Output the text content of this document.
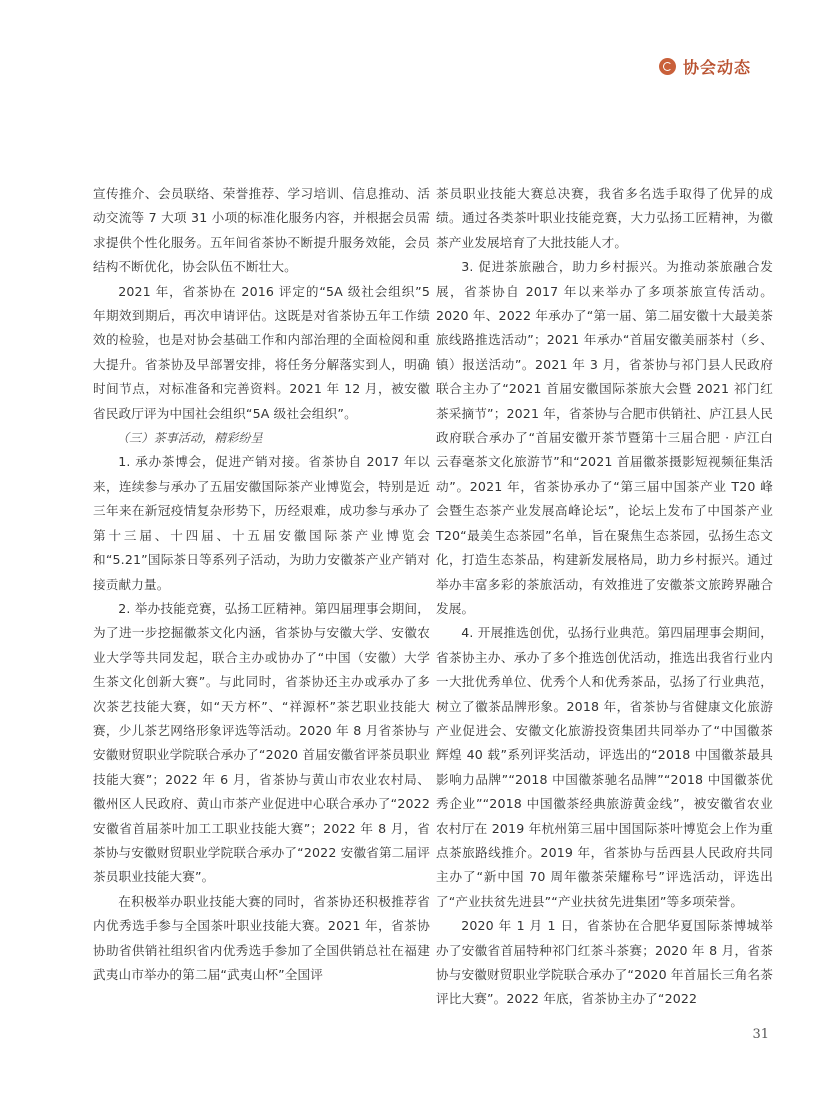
协会动态

宣传推介、会员联络、荣誉推荐、学习培训、信息推动、活动交流等 7 大项 31 小项的标准化服务内容，并根据会员需求提供个性化服务。五年间省茶协不断提升服务效能，会员结构不断优化，协会队伍不断壮大。

2021 年，省茶协在 2016 评定的“5A 级社会组织”5 年期效到期后，再次申请评估。这既是对省茶协五年工作绩效的检验，也是对协会基础工作和内部治理的全面检阅和重大提升。省茶协及早部署安排，将任务分解落实到人，明确时间节点，对标准备和完善资料。2021 年 12 月，被安徽省民政厅评为中国社会组织“5A 级社会组织”。

（三）茶事活动，精彩纷呈

1. 承办茶博会，促进产销对接。省茶协自 2017 年以来，连续参与承办了五届安徽国际茶产业博览会，特别是近三年来在新冠疫情复杂形势下，历经艰难，成功参与承办了第十三届、十四届、十五届安徽国际茶产业博览会和“5.21”国际茶日等系列子活动，为助力安徽茶产业产销对接贡献力量。

2. 举办技能竞赛，弘扬工匠精神。第四届理事会期间，为了进一步挖掘徽茶文化内涵，省茶协与安徽大学、安徽农业大学等共同发起，联合主办或协办了“中国（安徽）大学生茶文化创新大赛”。与此同时，省茶协还主办或承办了多次茶艺技能大赛，如“天方杯”、“祥源杯”茶艺职业技能大赛，少儿茶艺网络形象评选等活动。2020 年 8 月省茶协与安徽财贸职业学院联合承办了“2020 首届安徽省评茶员职业技能大赛”；2022 年 6 月，省茶协与黄山市农业农村局、徽州区人民政府、黄山市茶产业促进中心联合承办了“2022 安徽省首届茶叶加工工职业技能大赛”；2022 年 8 月，省茶协与安徽财贸职业学院联合承办了“2022 安徽省第二届评茶员职业技能大赛”。

在积极举办职业技能大赛的同时，省茶协还积极推荐省内优秀选手参与全国茶叶职业技能大赛。2021 年，省茶协协助省供销社组织省内优秀选手参加了全国供销总社在福建武夷山市举办的第二届“武夷山杯”全国评

茶员职业技能大赛总决赛，我省多名选手取得了优异的成绩。通过各类茶叶职业技能竞赛，大力弘扬工匠精神，为徽茶产业发展培育了大批技能人才。

3. 促进茶旅融合，助力乡村振兴。为推动茶旅融合发展，省茶协自 2017 年以来举办了多项茶旅宣传活动。2020 年、2022 年承办了“第一届、第二届安徽十大最美茶旅线路推选活动”；2021 年承办“首届安徽美丽茶村（乡、镇）报送活动”。2021 年 3 月，省茶协与祁门县人民政府联合主办了“2021 首届安徽国际茶旅大会暨 2021 祁门红茶采摘节”；2021 年，省茶协与合肥市供销社、庐江县人民政府联合承办了“首届安徽开茶节暨第十三届合肥 · 庐江白云春毫茶文化旅游节”和“2021 首届徽茶摄影短视频征集活动”。2021 年，省茶协承办了“第三届中国茶产业 T20 峰会暨生态茶产业发展高峰论坛”，论坛上发布了中国茶产业 T20“最美生态茶园”名单，旨在聚焦生态茶园，弘扬生态文化，打造生态茶品，构建新发展格局，助力乡村振兴。通过举办丰富多彩的茶旅活动，有效推进了安徽茶文旅跨界融合发展。

4. 开展推选创优，弘扬行业典范。第四届理事会期间，省茶协主办、承办了多个推选创优活动，推选出我省行业内一大批优秀单位、优秀个人和优秀茶品，弘扬了行业典范，树立了徽茶品牌形象。2018 年，省茶协与省健康文化旅游产业促进会、安徽文化旅游投资集团共同举办了“中国徽茶辉煌 40 载”系列评奖活动，评选出的“2018 中国徽茶最具影响力品牌”“2018 中国徽茶驰名品牌”“2018 中国徽茶优秀企业”“2018 中国徽茶经典旅游黄金线”，被安徽省农业农村厅在 2019 年杭州第三届中国国际茶叶博览会上作为重点茶旅路线推介。2019 年，省茶协与岳西县人民政府共同主办了“新中国 70 周年徽茶荣耀称号”评选活动，评选出了“产业扶贫先进县”“产业扶贫先进集团”等多项荣誉。

2020 年 1 月 1 日，省茶协在合肥华夏国际茶博城举办了安徽省首届特种祁门红茶斗茶赛；2020 年 8 月，省茶协与安徽财贸职业学院联合承办了“2020 年首届长三角名茶评比大赛”。2022 年底，省茶协主办了“2022

31
